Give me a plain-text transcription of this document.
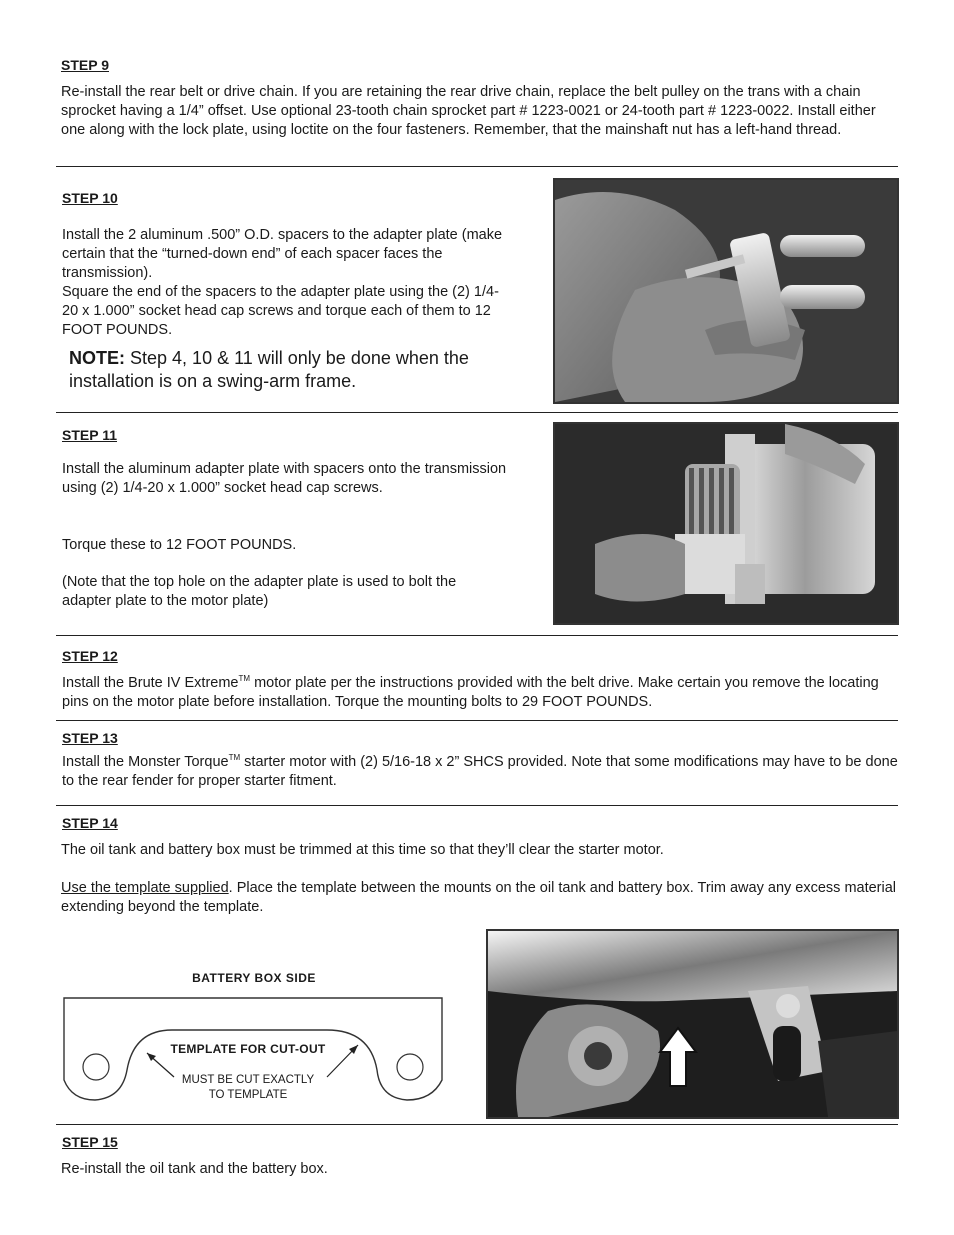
STEP 9
Re-install the rear belt or drive chain. If you are retaining the rear drive chain, replace the belt pulley on the trans with a chain sprocket having a 1/4” offset. Use optional 23-tooth chain sprocket part # 1223-0021 or 24-tooth part # 1223-0022. Install either one along with the lock plate, using loctite on the four fasteners. Remember, that the mainshaft nut has a left-hand thread.
STEP 10
Install the 2 aluminum .500” O.D. spacers to the adapter plate (make certain that the “turned-down end” of each spacer faces the transmission).
Square the end of the spacers to the adapter plate using the (2) 1/4-20 x 1.000” socket head cap screws and torque each of them to 12 FOOT POUNDS.
NOTE: Step 4, 10 & 11 will only be done when the installation is on a swing-arm frame.
STEP 11
Install the aluminum adapter plate with spacers onto the transmission using (2) 1/4-20 x 1.000” socket head cap screws.
Torque these to 12 FOOT POUNDS.
(Note that the top hole on the adapter plate is used to bolt the adapter plate to the motor plate)
STEP 12
Install the Brute IV Extreme™ motor plate per the instructions provided with the belt drive. Make certain you remove the locating pins on the motor plate before installation. Torque the mounting bolts to 29 FOOT POUNDS.
STEP 13
Install the Monster Torque™ starter motor with (2) 5/16-18 x 2” SHCS provided. Note that some modifications may have to be done to the rear fender for proper starter fitment.
STEP 14
The oil tank and battery box must be trimmed at this time so that they’ll clear the starter motor.
Use the template supplied. Place the template between the mounts on the oil tank and battery box. Trim away any excess material extending beyond the template.
BATTERY BOX SIDE
TEMPLATE FOR CUT-OUT
MUST BE CUT EXACTLY
TO TEMPLATE
STEP 15
Re-install the oil tank and the battery box.
